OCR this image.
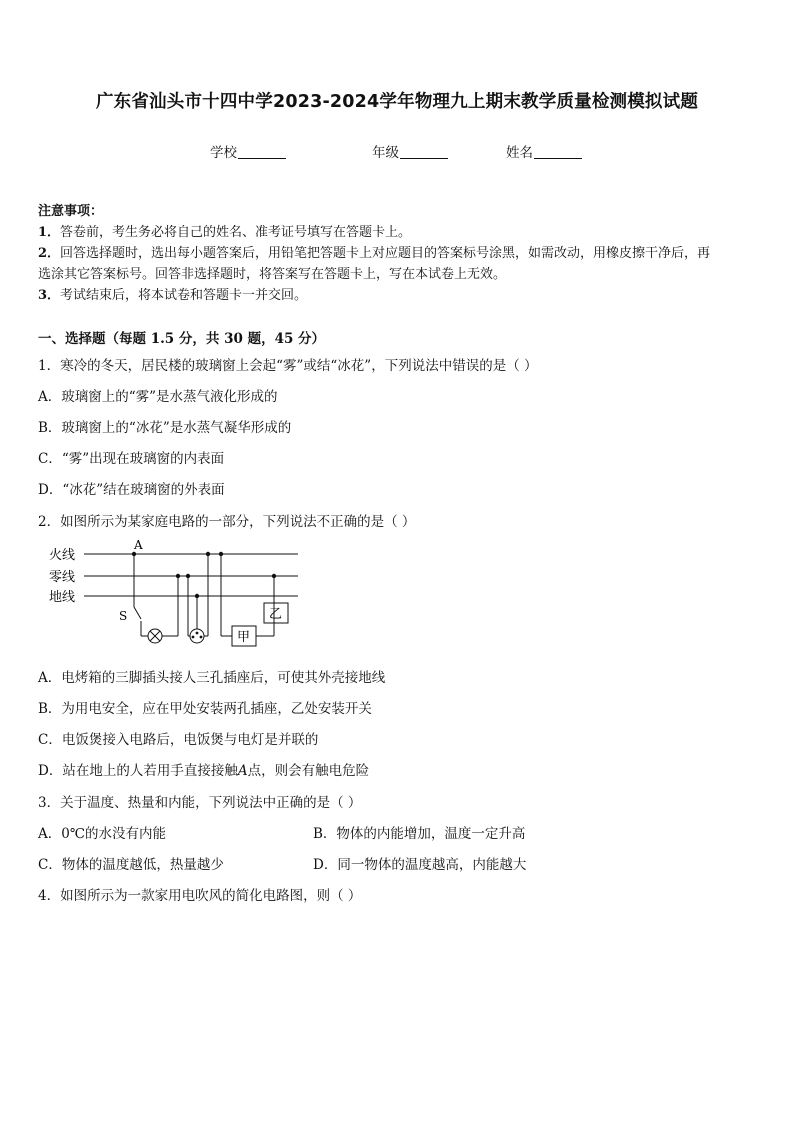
广东省汕头市十四中学2023-2024学年物理九上期末教学质量检测模拟试题
学校	年级	姓名
注意事项：
1．答卷前，考生务必将自己的姓名、准考证号填写在答题卡上。
2．回答选择题时，选出每小题答案后，用铅笔把答题卡上对应题目的答案标号涂黑，如需改动，用橡皮擦干净后，再
选涂其它答案标号。回答非选择题时，将答案写在答题卡上，写在本试卷上无效。
3．考试结束后，将本试卷和答题卡一并交回。
一、选择题（每题 1.5 分，共 30 题，45 分）
1．寒冷的冬天，居民楼的玻璃窗上会起“雾”或结“冰花”，下列说法中错误的是（ ）
A．玻璃窗上的“雾”是水蒸气液化形成的
B．玻璃窗上的“冰花”是水蒸气凝华形成的
C．“雾”出现在玻璃窗的内表面
D．“冰花”结在玻璃窗的外表面
2．如图所示为某家庭电路的一部分，下列说法不正确的是（ ）
火线
零线
地线
A
S
甲
乙
A．电烤箱的三脚插头接人三孔插座后，可使其外壳接地线
B．为用电安全，应在甲处安装两孔插座，乙处安装开关
C．电饭煲接入电路后，电饭煲与电灯是并联的
D．站在地上的人若用手直接接触A点，则会有触电危险
3．关于温度、热量和内能，下列说法中正确的是（ ）
A．0℃的水没有内能	B．物体的内能增加，温度一定升高
C．物体的温度越低，热量越少	D．同一物体的温度越高，内能越大
4．如图所示为一款家用电吹风的简化电路图，则（ ）
